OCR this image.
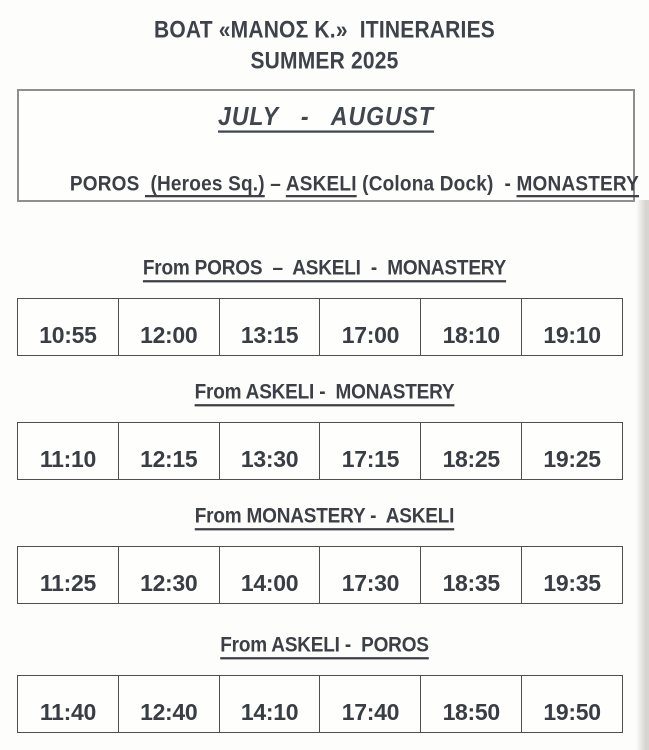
BOAT «ΜΑΝΟΣ Κ.»  ITINERARIES
SUMMER 2025
JULY   -   AUGUST

POROS  (Heroes Sq.) – ASKELI (Colona Dock)  - MONASTERY

From POROS  –  ASKELI  -  MONASTERY
10:55	12:00	13:15	17:00	18:10	19:10
From ASKELI -  MONASTERY
11:10	12:15	13:30	17:15	18:25	19:25
From MONASTERY -  ASKELI
11:25	12:30	14:00	17:30	18:35	19:35
From ASKELI -  POROS
11:40	12:40	14:10	17:40	18:50	19:50
